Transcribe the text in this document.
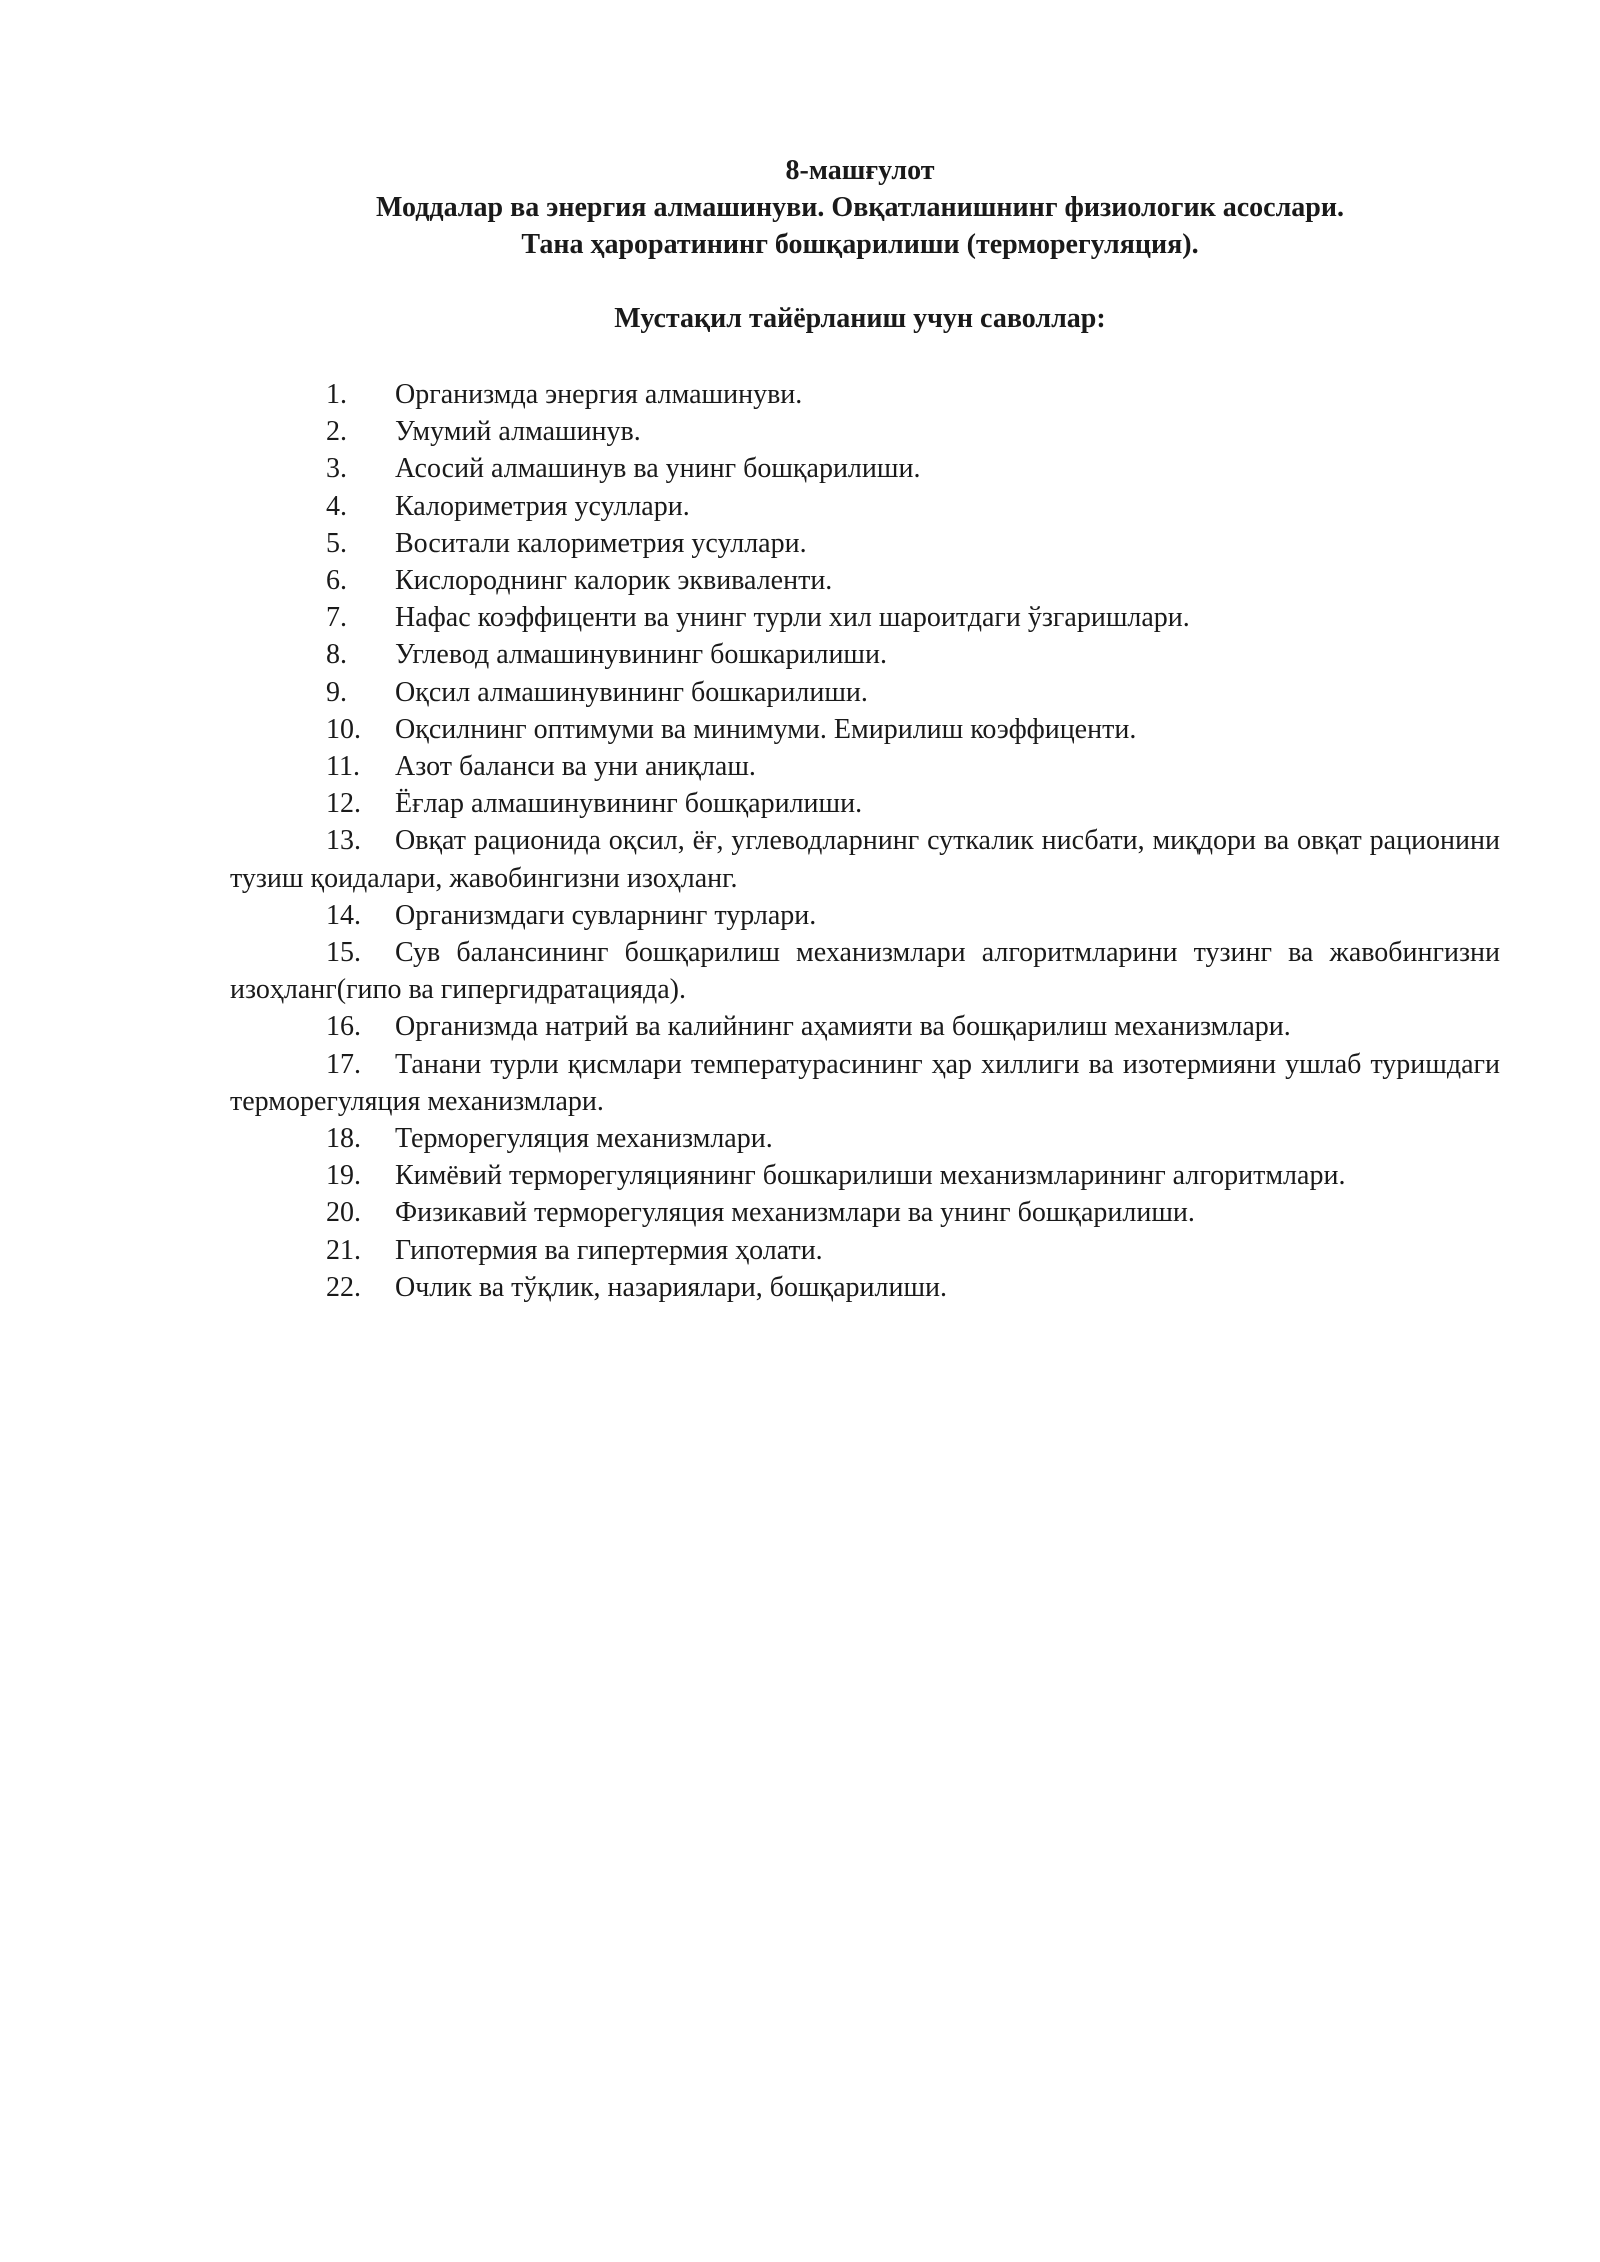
8-машғулот
Моддалар ва энергия алмашинуви. Овқатланишнинг физиологик асослари.
Тана ҳароратининг бошқарилиши (терморегуляция).
Мустақил тайёрланиш учун саволлар:
1. Организмда энергия алмашинуви.
2. Умумий алмашинув.
3. Асосий алмашинув ва унинг бошқарилиши.
4. Калориметрия усуллари.
5. Воситали калориметрия усуллари.
6. Кислороднинг калорик эквиваленти.
7. Нафас коэффиценти ва унинг турли хил шароитдаги ўзгаришлари.
8. Углевод алмашинувининг бошкарилиши.
9. Оқсил алмашинувининг бошкарилиши.
10. Оқсилнинг оптимуми ва минимуми. Емирилиш коэффиценти.
11. Азот баланси ва уни аниқлаш.
12. Ёғлар алмашинувининг бошқарилиши.
13. Овқат рационида оқсил, ёғ, углеводларнинг суткалик нисбати, миқдори ва овқат рационини тузиш қоидалари, жавобингизни изоҳланг.
14. Организмдаги сувларнинг турлари.
15. Сув балансининг бошқарилиш механизмлари алгоритмларини тузинг ва жавобингизни изоҳланг(гипо ва гипергидратацияда).
16. Организмда натрий ва калийнинг аҳамияти ва бошқарилиш механизмлари.
17. Танани турли қисмлари температурасининг ҳар хиллиги ва изотермияни ушлаб туришдаги терморегуляция механизмлари.
18. Терморегуляция механизмлари.
19. Кимёвий терморегуляциянинг бошкарилиши механизмларининг алгоритмлари.
20. Физикавий терморегуляция механизмлари ва унинг бошқарилиши.
21. Гипотермия ва гипертермия ҳолати.
22. Очлик ва тўқлик, назариялари, бошқарилиши.
